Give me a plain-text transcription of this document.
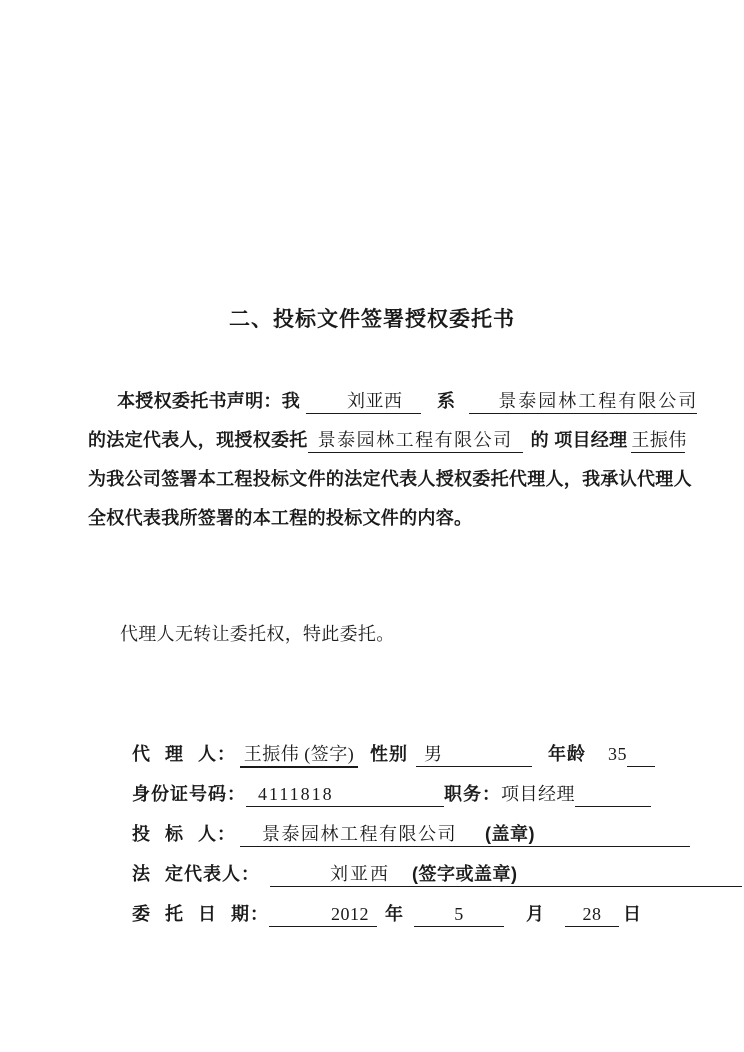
二、投标文件签署授权委托书
本授权委托书声明：我	刘亚西 系 景泰园林工程有限公司
的法定代表人，现授权委托 景泰园林工程有限公司 的 项目经理 王振伟
为我公司签署本工程投标文件的法定代表人授权委托代理人，我承认代理人
全权代表我所签署的本工程的投标文件的内容。
代理人无转让委托权，特此委托。
代 理 人： 王振伟 (签字) 性别 男	年龄 35
身份证号码： 4111818	职务：项目经理
投 标 人： 景泰园林工程有限公司 (盖章)
法 定代表人：	刘亚西 (签字或盖章)
委 托 日 期：	2012 年	5	月 28 日
